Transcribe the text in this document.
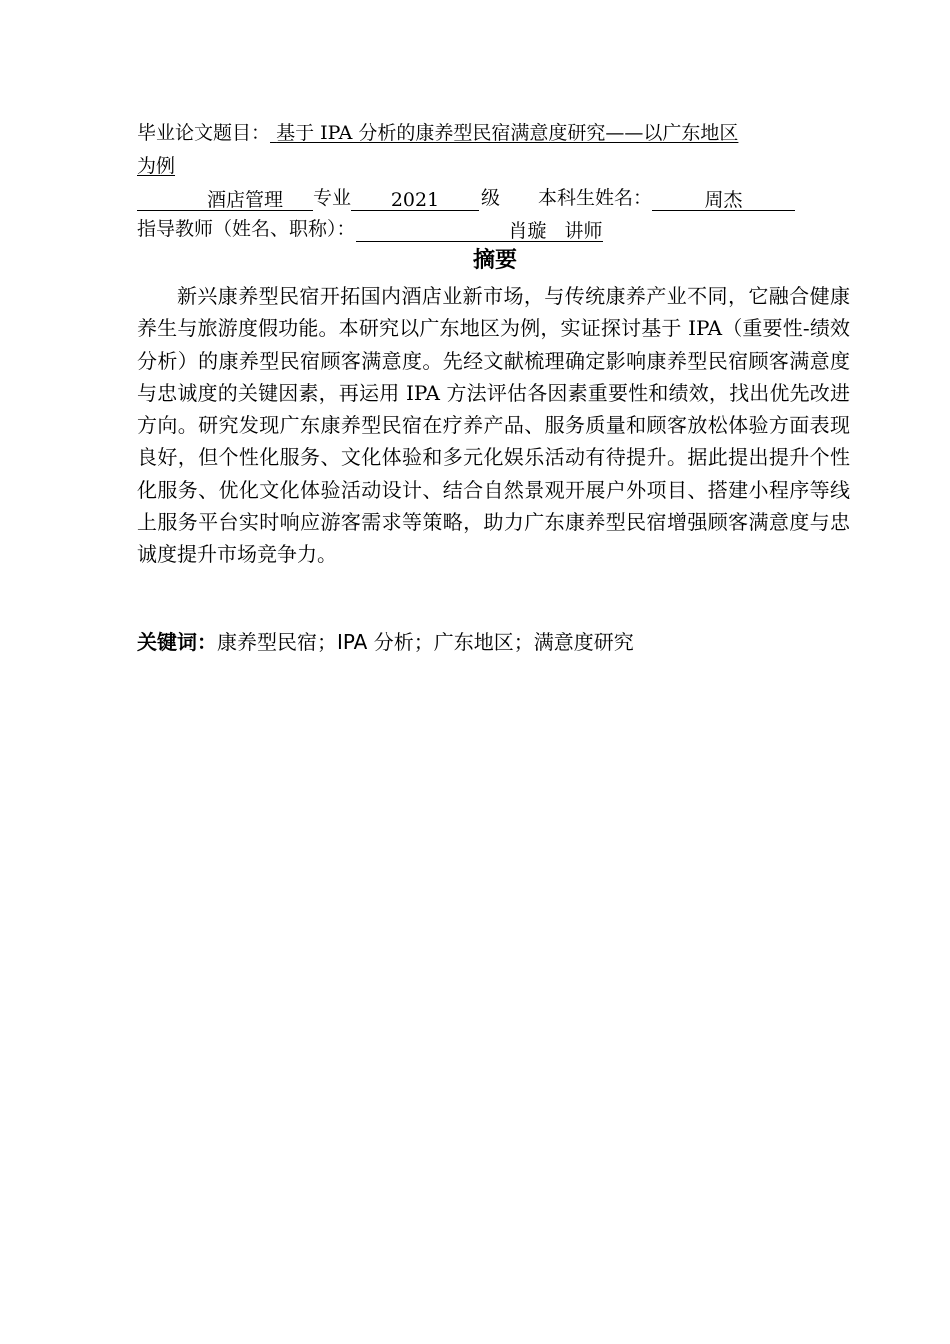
毕业论文题目： 基于 IPA 分析的康养型民宿满意度研究——以广东地区
为例
酒店管理 专业 2021 级 本科生姓名：	周杰
指导教师（姓名、职称）：	肖璇   讲师
摘要

新兴康养型民宿开拓国内酒店业新市场，与传统康养产业不同，它融合健康养生与旅游度假功能。本研究以广东地区为例，实证探讨基于 IPA（重要性-绩效分析）的康养型民宿顾客满意度。先经文献梳理确定影响康养型民宿顾客满意度与忠诚度的关键因素，再运用 IPA 方法评估各因素重要性和绩效，找出优先改进方向。研究发现广东康养型民宿在疗养产品、服务质量和顾客放松体验方面表现良好，但个性化服务、文化体验和多元化娱乐活动有待提升。据此提出提升个性化服务、优化文化体验活动设计、结合自然景观开展户外项目、搭建小程序等线上服务平台实时响应游客需求等策略，助力广东康养型民宿增强顾客满意度与忠诚度提升市场竞争力。

关键词：康养型民宿；IPA 分析；广东地区；满意度研究
